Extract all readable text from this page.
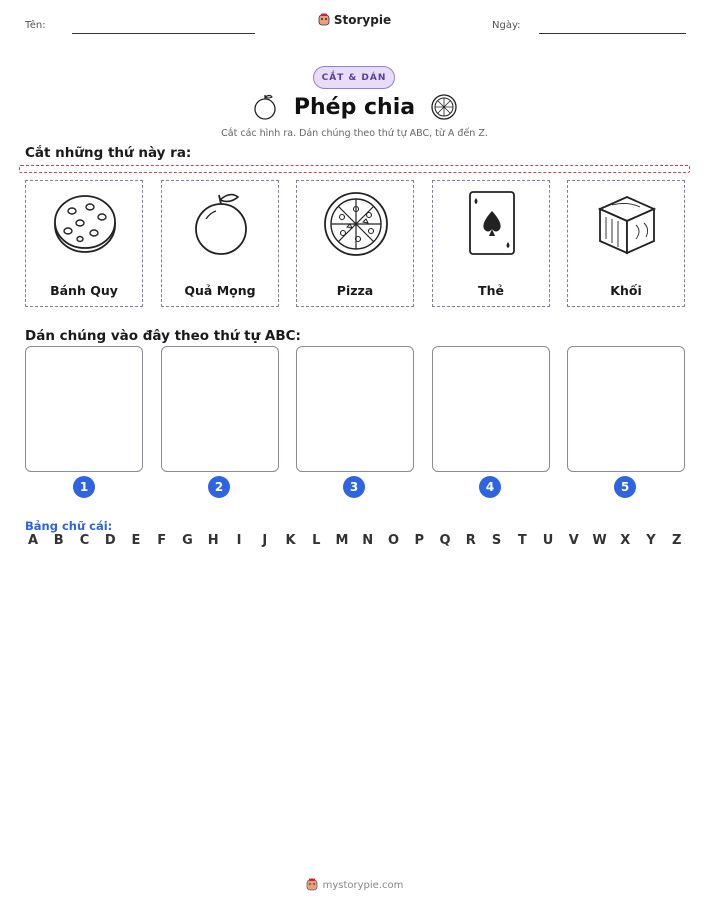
Tên:	Storypie	Ngày:
CẮT & DÁN
Phép chia
Cắt các hình ra. Dán chúng theo thứ tự ABC, từ A đến Z.
Cắt những thứ này ra:
Bánh Quy	Quả Mọng	Pizza	Thẻ	Khối
Dán chúng vào đây theo thứ tự ABC:
1	2	3	4	5
Bảng chữ cái:
A B C D E F G H	I	J	K L M N O P Q R S T U V W X Y Z
mystorypie.com
